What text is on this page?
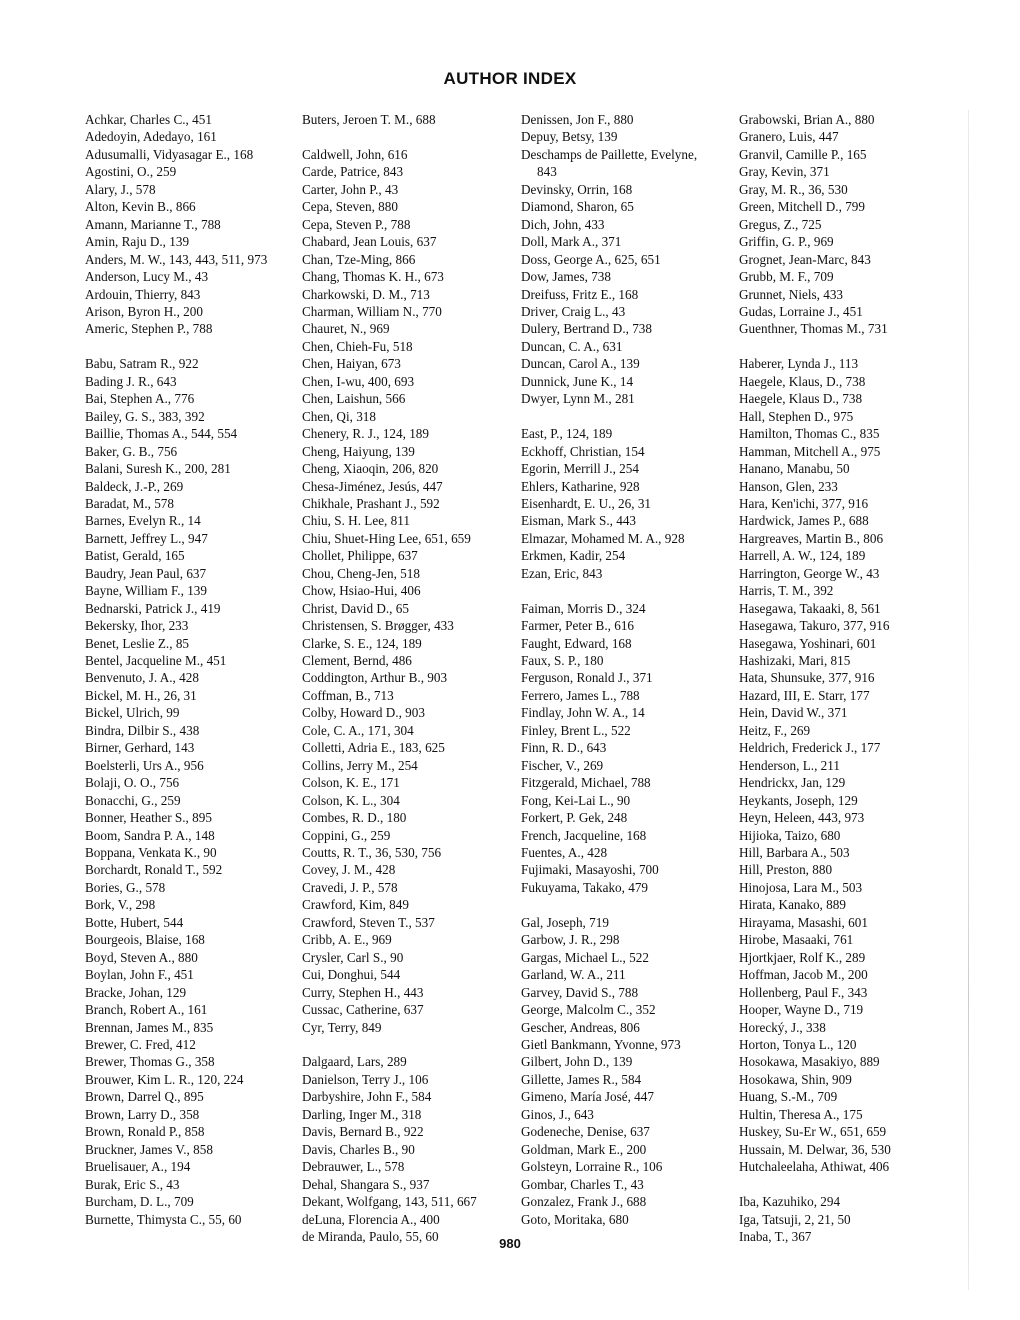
AUTHOR INDEX
Achkar, Charles C., 451
Adedoyin, Adedayo, 161
Adusumalli, Vidyasagar E., 168
Agostini, O., 259
Alary, J., 578
Alton, Kevin B., 866
Amann, Marianne T., 788
Amin, Raju D., 139
Anders, M. W., 143, 443, 511, 973
Anderson, Lucy M., 43
Ardouin, Thierry, 843
Arison, Byron H., 200
Americ, Stephen P., 788
Babu, Satram R., 922
Bading J. R., 643
Bai, Stephen A., 776
Bailey, G. S., 383, 392
Baillie, Thomas A., 544, 554
Baker, G. B., 756
Balani, Suresh K., 200, 281
Baldeck, J.-P., 269
Baradat, M., 578
Barnes, Evelyn R., 14
Barnett, Jeffrey L., 947
Batist, Gerald, 165
Baudry, Jean Paul, 637
Bayne, William F., 139
Bednarski, Patrick J., 419
Bekersky, Ihor, 233
Benet, Leslie Z., 85
Bentel, Jacqueline M., 451
Benvenuto, J. A., 428
Bickel, M. H., 26, 31
Bickel, Ulrich, 99
Bindra, Dilbir S., 438
Birner, Gerhard, 143
Boelsterli, Urs A., 956
Bolaji, O. O., 756
Bonacchi, G., 259
Bonner, Heather S., 895
Boom, Sandra P. A., 148
Boppana, Venkata K., 90
Borchardt, Ronald T., 592
Bories, G., 578
Bork, V., 298
Botte, Hubert, 544
Bourgeois, Blaise, 168
Boyd, Steven A., 880
Boylan, John F., 451
Bracke, Johan, 129
Branch, Robert A., 161
Brennan, James M., 835
Brewer, C. Fred, 412
Brewer, Thomas G., 358
Brouwer, Kim L. R., 120, 224
Brown, Darrel Q., 895
Brown, Larry D., 358
Brown, Ronald P., 858
Bruckner, James V., 858
Bruelisauer, A., 194
Burak, Eric S., 43
Burcham, D. L., 709
Burnette, Thimysta C., 55, 60
Buters, Jeroen T. M., 688
Caldwell, John, 616
Carde, Patrice, 843
Carter, John P., 43
Cepa, Steven, 880
Cepa, Steven P., 788
Chabard, Jean Louis, 637
Chan, Tze-Ming, 866
Chang, Thomas K. H., 673
Charkowski, D. M., 713
Charman, William N., 770
Chauret, N., 969
Chen, Chieh-Fu, 518
Chen, Haiyan, 673
Chen, I-wu, 400, 693
Chen, Laishun, 566
Chen, Qi, 318
Chenery, R. J., 124, 189
Cheng, Haiyung, 139
Cheng, Xiaoqin, 206, 820
Chesa-Jiménez, Jesús, 447
Chikhale, Prashant J., 592
Chiu, S. H. Lee, 811
Chiu, Shuet-Hing Lee, 651, 659
Chollet, Philippe, 637
Chou, Cheng-Jen, 518
Chow, Hsiao-Hui, 406
Christ, David D., 65
Christensen, S. Brøgger, 433
Clarke, S. E., 124, 189
Clement, Bernd, 486
Coddington, Arthur B., 903
Coffman, B., 713
Colby, Howard D., 903
Cole, C. A., 171, 304
Colletti, Adria E., 183, 625
Collins, Jerry M., 254
Colson, K. E., 171
Colson, K. L., 304
Combes, R. D., 180
Coppini, G., 259
Coutts, R. T., 36, 530, 756
Covey, J. M., 428
Cravedi, J. P., 578
Crawford, Kim, 849
Crawford, Steven T., 537
Cribb, A. E., 969
Crysler, Carl S., 90
Cui, Donghui, 544
Curry, Stephen H., 443
Cussac, Catherine, 637
Cyr, Terry, 849
Dalgaard, Lars, 289
Danielson, Terry J., 106
Darbyshire, John F., 584
Darling, Inger M., 318
Davis, Bernard B., 922
Davis, Charles B., 90
Debrauwer, L., 578
Dehal, Shangara S., 937
Dekant, Wolfgang, 143, 511, 667
deLuna, Florencia A., 400
de Miranda, Paulo, 55, 60
Denissen, Jon F., 880
Depuy, Betsy, 139
Deschamps de Paillette, Evelyne,
843
Devinsky, Orrin, 168
Diamond, Sharon, 65
Dich, John, 433
Doll, Mark A., 371
Doss, George A., 625, 651
Dow, James, 738
Dreifuss, Fritz E., 168
Driver, Craig L., 43
Dulery, Bertrand D., 738
Duncan, C. A., 631
Duncan, Carol A., 139
Dunnick, June K., 14
Dwyer, Lynn M., 281
East, P., 124, 189
Eckhoff, Christian, 154
Egorin, Merrill J., 254
Ehlers, Katharine, 928
Eisenhardt, E. U., 26, 31
Eisman, Mark S., 443
Elmazar, Mohamed M. A., 928
Erkmen, Kadir, 254
Ezan, Eric, 843
Faiman, Morris D., 324
Farmer, Peter B., 616
Faught, Edward, 168
Faux, S. P., 180
Ferguson, Ronald J., 371
Ferrero, James L., 788
Findlay, John W. A., 14
Finley, Brent L., 522
Finn, R. D., 643
Fischer, V., 269
Fitzgerald, Michael, 788
Fong, Kei-Lai L., 90
Forkert, P. Gek, 248
French, Jacqueline, 168
Fuentes, A., 428
Fujimaki, Masayoshi, 700
Fukuyama, Takako, 479
Gal, Joseph, 719
Garbow, J. R., 298
Gargas, Michael L., 522
Garland, W. A., 211
Garvey, David S., 788
George, Malcolm C., 352
Gescher, Andreas, 806
Gietl Bankmann, Yvonne, 973
Gilbert, John D., 139
Gillette, James R., 584
Gimeno, María José, 447
Ginos, J., 643
Godeneche, Denise, 637
Goldman, Mark E., 200
Golsteyn, Lorraine R., 106
Gombar, Charles T., 43
Gonzalez, Frank J., 688
Goto, Moritaka, 680
Grabowski, Brian A., 880
Granero, Luis, 447
Granvil, Camille P., 165
Gray, Kevin, 371
Gray, M. R., 36, 530
Green, Mitchell D., 799
Gregus, Z., 725
Griffin, G. P., 969
Grognet, Jean-Marc, 843
Grubb, M. F., 709
Grunnet, Niels, 433
Gudas, Lorraine J., 451
Guenthner, Thomas M., 731
Haberer, Lynda J., 113
Haegele, Klaus, D., 738
Haegele, Klaus D., 738
Hall, Stephen D., 975
Hamilton, Thomas C., 835
Hamman, Mitchell A., 975
Hanano, Manabu, 50
Hanson, Glen, 233
Hara, Ken'ichi, 377, 916
Hardwick, James P., 688
Hargreaves, Martin B., 806
Harrell, A. W., 124, 189
Harrington, George W., 43
Harris, T. M., 392
Hasegawa, Takaaki, 8, 561
Hasegawa, Takuro, 377, 916
Hasegawa, Yoshinari, 601
Hashizaki, Mari, 815
Hata, Shunsuke, 377, 916
Hazard, III, E. Starr, 177
Hein, David W., 371
Heitz, F., 269
Heldrich, Frederick J., 177
Henderson, L., 211
Hendrickx, Jan, 129
Heykants, Joseph, 129
Heyn, Heleen, 443, 973
Hijioka, Taizo, 680
Hill, Barbara A., 503
Hill, Preston, 880
Hinojosa, Lara M., 503
Hirata, Kanako, 889
Hirayama, Masashi, 601
Hirobe, Masaaki, 761
Hjortkjaer, Rolf K., 289
Hoffman, Jacob M., 200
Hollenberg, Paul F., 343
Hooper, Wayne D., 719
Horecký, J., 338
Horton, Tonya L., 120
Hosokawa, Masakiyo, 889
Hosokawa, Shin, 909
Huang, S.-M., 709
Hultin, Theresa A., 175
Huskey, Su-Er W., 651, 659
Hussain, M. Delwar, 36, 530
Hutchaleelaha, Athiwat, 406
Iba, Kazuhiko, 294
Iga, Tatsuji, 2, 21, 50
Inaba, T., 367
980
